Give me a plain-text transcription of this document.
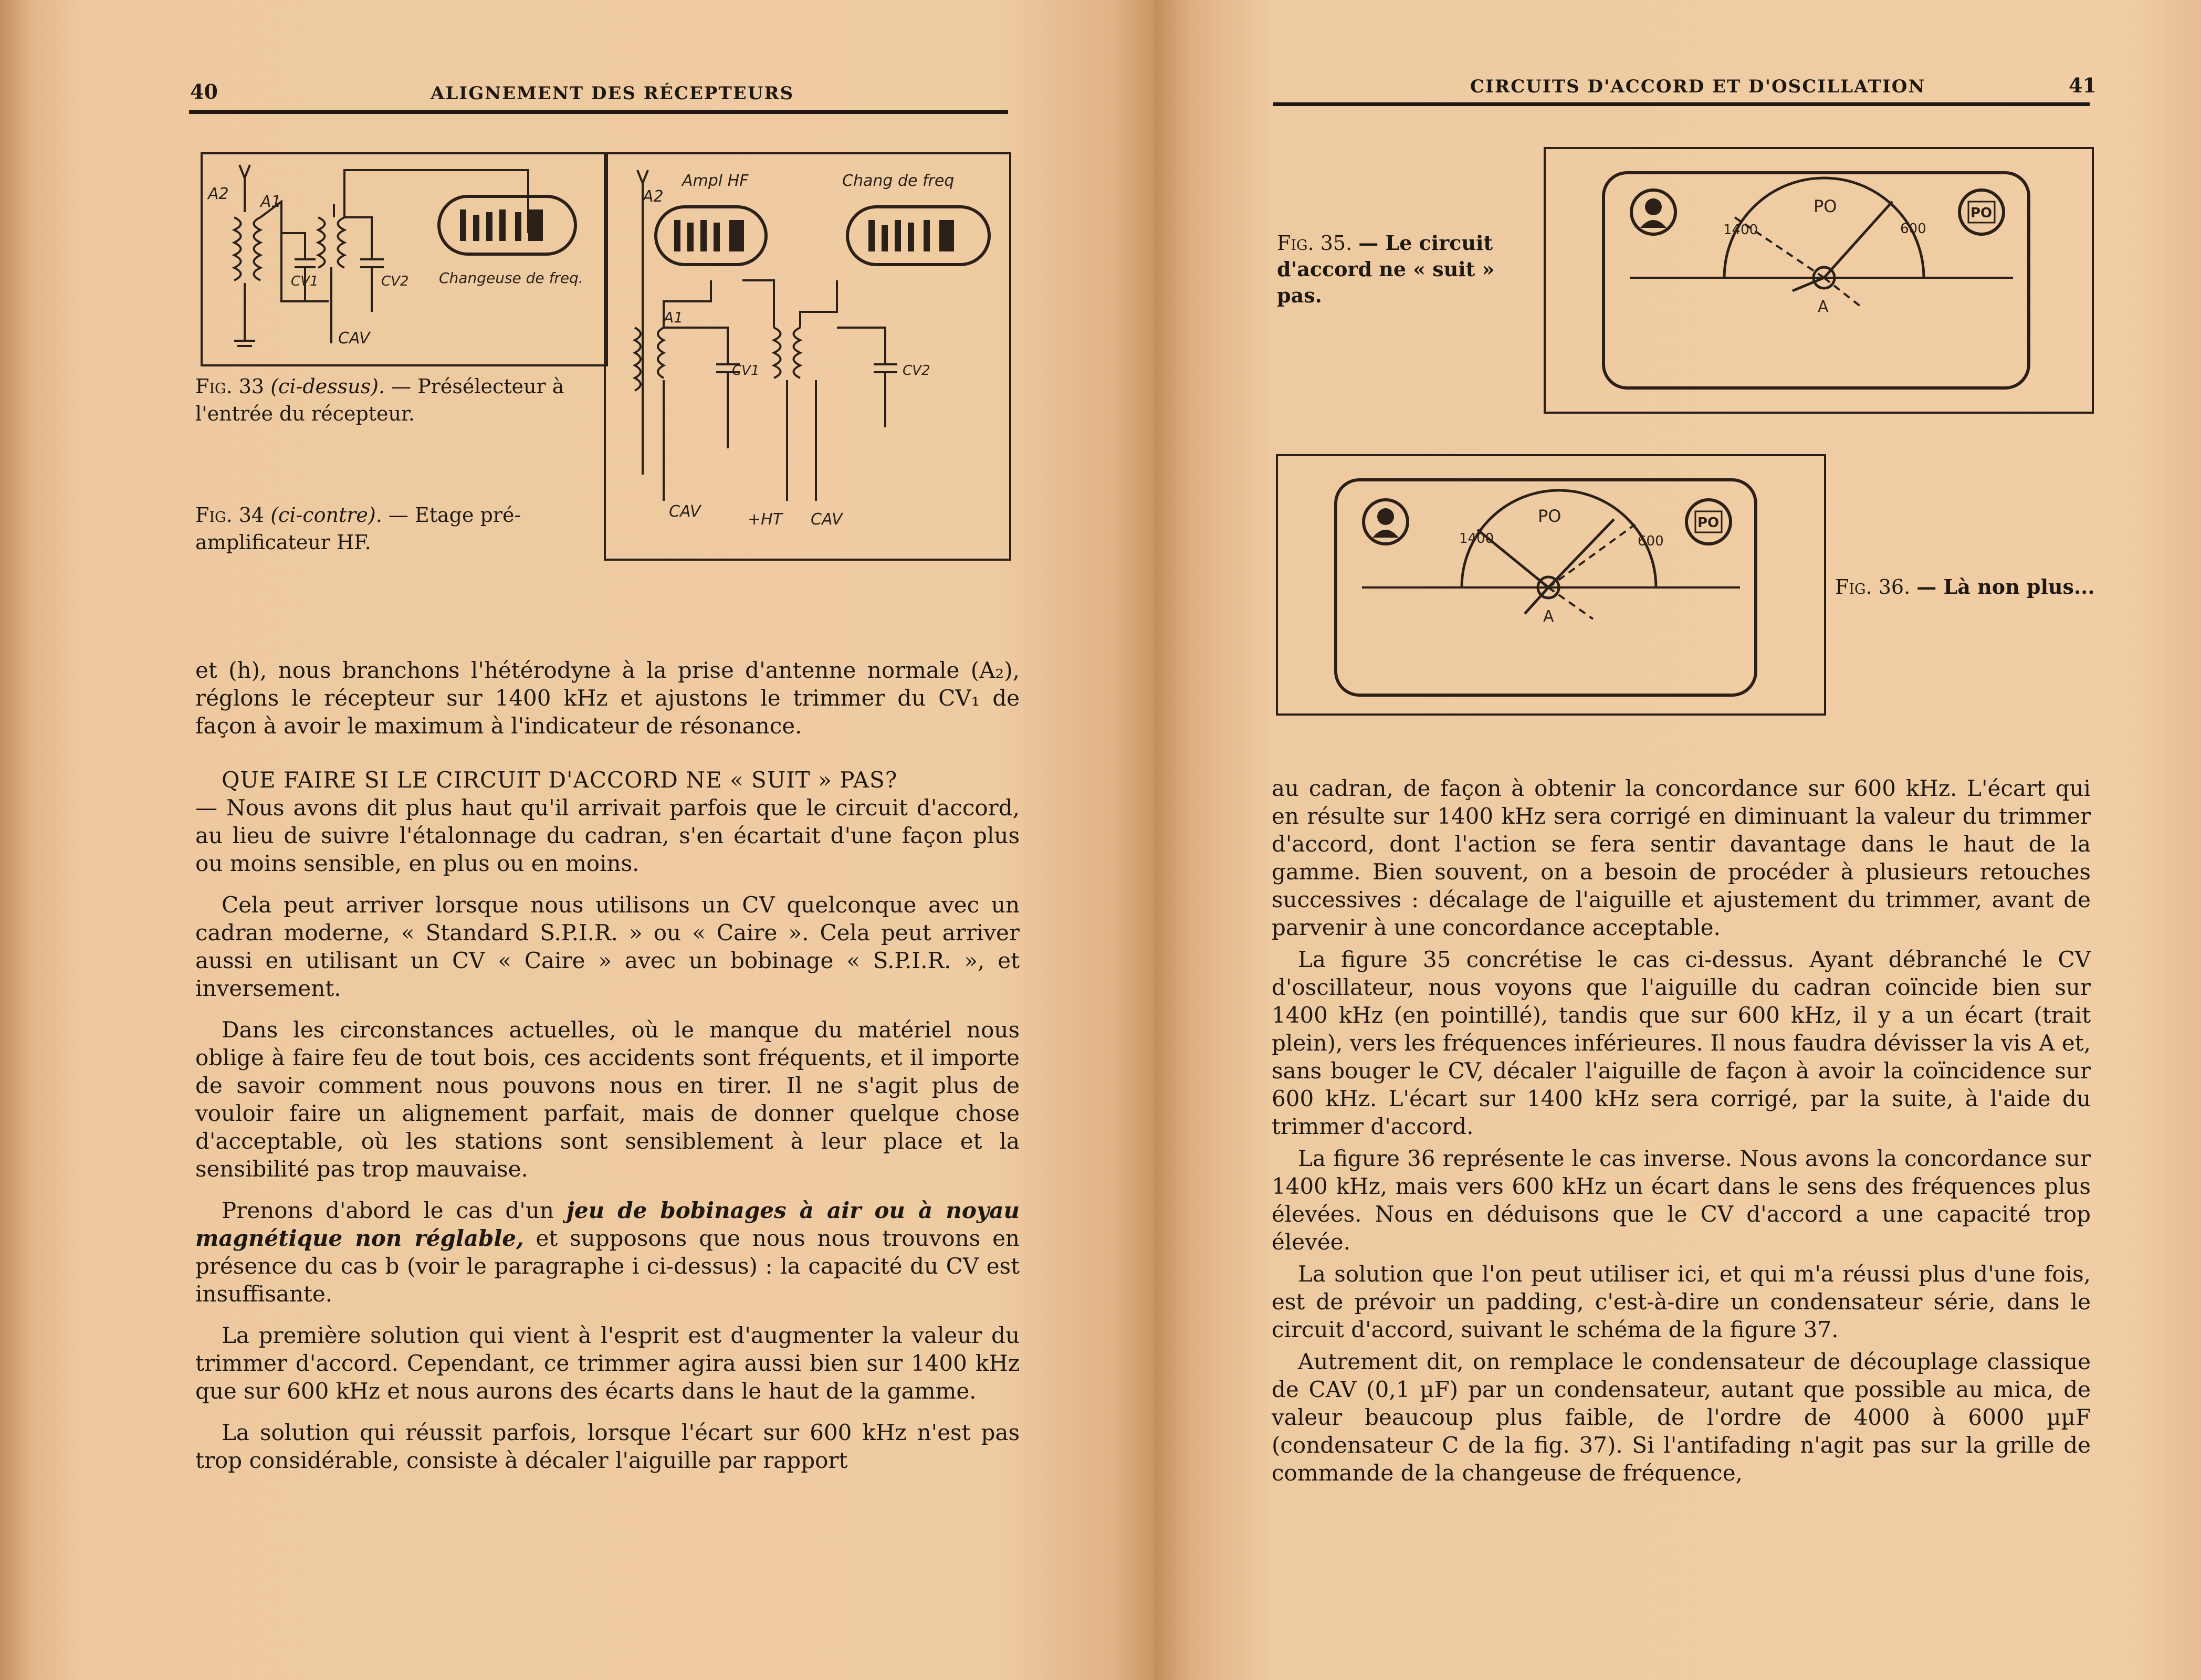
40	ALIGNEMENT DES RÉCEPTEURS
A2 A1
CV1	CV2
CAV
Changeuse de freq.
A2
Ampl HF	Chang de freq
A1
CV1	CV2
CAV	+HT CAV
Fig. 33 (ci-dessus). — Présélecteur à l'entrée du récepteur.
Fig. 34 (ci-contre). — Etage pré-amplificateur HF.

et (h), nous branchons l'hétérodyne à la prise d'antenne normale (A₂), réglons le récepteur sur 1400 kHz et ajustons le trimmer du CV₁ de façon à avoir le maximum à l'indicateur de résonance.

QUE FAIRE SI LE CIRCUIT D'ACCORD NE « SUIT » PAS?

— Nous avons dit plus haut qu'il arrivait parfois que le circuit d'accord, au lieu de suivre l'étalonnage du cadran, s'en écartait d'une façon plus ou moins sensible, en plus ou en moins.

Cela peut arriver lorsque nous utilisons un CV quelconque avec un cadran moderne, « Standard S.P.I.R. » ou « Caire ». Cela peut arriver aussi en utilisant un CV « Caire » avec un bobinage « S.P.I.R. », et inversement.

Dans les circonstances actuelles, où le manque du matériel nous oblige à faire feu de tout bois, ces accidents sont fréquents, et il importe de savoir comment nous pouvons nous en tirer. Il ne s'agit plus de vouloir faire un alignement parfait, mais de donner quelque chose d'acceptable, où les stations sont sensiblement à leur place et la sensibilité pas trop mauvaise.

Prenons d'abord le cas d'un jeu de bobinages à air ou à noyau magnétique non réglable, et supposons que nous nous trouvons en présence du cas b (voir le paragraphe i ci-dessus) : la capacité du CV est insuffisante.

La première solution qui vient à l'esprit est d'augmenter la valeur du trimmer d'accord. Cependant, ce trimmer agira aussi bien sur 1400 kHz que sur 600 kHz et nous aurons des écarts dans le haut de la gamme.

La solution qui réussit parfois, lorsque l'écart sur 600 kHz n'est pas trop considérable, consiste à décaler l'aiguille par rapport

CIRCUITS D'ACCORD ET D'OSCILLATION	41
PO
1400	600
PO
A
Fig. 35. — Le circuit d'accord ne « suit » pas.
PO
1400	600
PO
A
Fig. 36. — Là non plus...

au cadran, de façon à obtenir la concordance sur 600 kHz. L'écart qui en résulte sur 1400 kHz sera corrigé en diminuant la valeur du trimmer d'accord, dont l'action se fera sentir davantage dans le haut de la gamme. Bien souvent, on a besoin de procéder à plusieurs retouches successives : décalage de l'aiguille et ajustement du trimmer, avant de parvenir à une concordance acceptable.

La figure 35 concrétise le cas ci-dessus. Ayant débranché le CV d'oscillateur, nous voyons que l'aiguille du cadran coïncide bien sur 1400 kHz (en pointillé), tandis que sur 600 kHz, il y a un écart (trait plein), vers les fréquences inférieures. Il nous faudra dévisser la vis A et, sans bouger le CV, décaler l'aiguille de façon à avoir la coïncidence sur 600 kHz. L'écart sur 1400 kHz sera corrigé, par la suite, à l'aide du trimmer d'accord.

La figure 36 représente le cas inverse. Nous avons la concordance sur 1400 kHz, mais vers 600 kHz un écart dans le sens des fréquences plus élevées. Nous en déduisons que le CV d'accord a une capacité trop élevée.

La solution que l'on peut utiliser ici, et qui m'a réussi plus d'une fois, est de prévoir un padding, c'est-à-dire un condensateur série, dans le circuit d'accord, suivant le schéma de la figure 37.

Autrement dit, on remplace le condensateur de découplage classique de CAV (0,1 µF) par un condensateur, autant que possible au mica, de valeur beaucoup plus faible, de l'ordre de 4000 à 6000 µµF (condensateur C de la fig. 37). Si l'antifading n'agit pas sur la grille de commande de la changeuse de fréquence,
